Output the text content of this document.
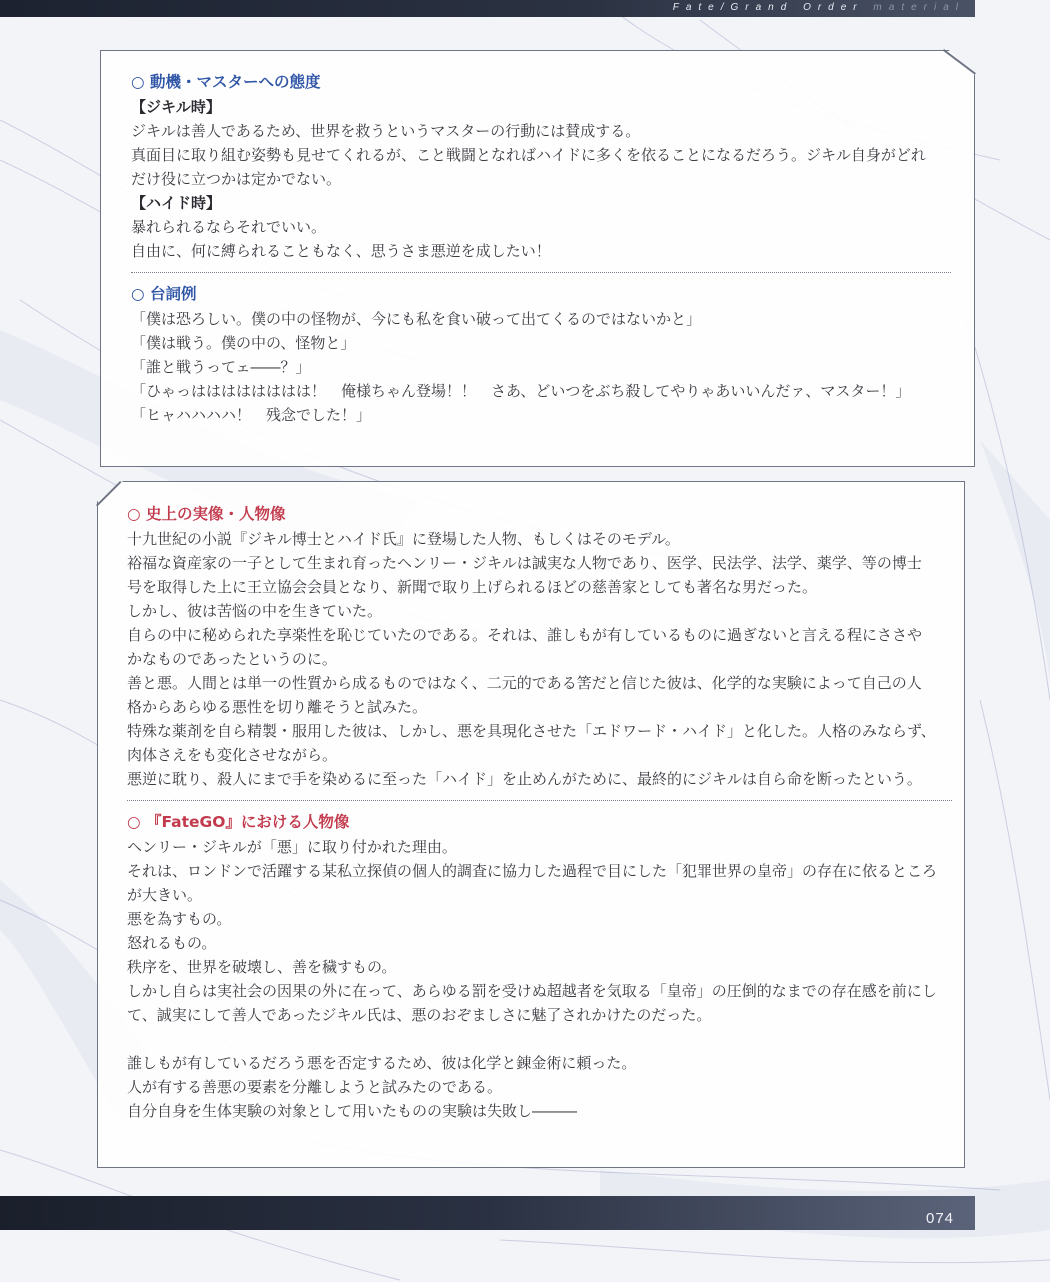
Fate/Grand Order material
○ 動機・マスターへの態度
【ジキル時】
ジキルは善人であるため、世界を救うというマスターの行動には賛成する。
真面目に取り組む姿勢も見せてくれるが、こと戦闘となればハイドに多くを依ることになるだろう。ジキル自身がどれ
だけ役に立つかは定かでない。
【ハイド時】
暴れられるならそれでいい。
自由に、何に縛られることもなく、思うさま悪逆を成したい！
○ 台詞例
「僕は恐ろしい。僕の中の怪物が、今にも私を食い破って出てくるのではないかと」
「僕は戦う。僕の中の、怪物と」
「誰と戦うってェ――？」
「ひゃっはははははははは！　俺様ちゃん登場！！　さあ、どいつをぶち殺してやりゃあいいんだァ、マスター！」
「ヒャハハハハ！　残念でした！」
○ 史上の実像・人物像
十九世紀の小説『ジキル博士とハイド氏』に登場した人物、もしくはそのモデル。
裕福な資産家の一子として生まれ育ったヘンリー・ジキルは誠実な人物であり、医学、民法学、法学、薬学、等の博士
号を取得した上に王立協会会員となり、新聞で取り上げられるほどの慈善家としても著名な男だった。
しかし、彼は苦悩の中を生きていた。
自らの中に秘められた享楽性を恥じていたのである。それは、誰しもが有しているものに過ぎないと言える程にささや
かなものであったというのに。
善と悪。人間とは単一の性質から成るものではなく、二元的である筈だと信じた彼は、化学的な実験によって自己の人
格からあらゆる悪性を切り離そうと試みた。
特殊な薬剤を自ら精製・服用した彼は、しかし、悪を具現化させた「エドワード・ハイド」と化した。人格のみならず、
肉体さえをも変化させながら。
悪逆に耽り、殺人にまで手を染めるに至った「ハイド」を止めんがために、最終的にジキルは自ら命を断ったという。
○ 『FateGO』における人物像
ヘンリー・ジキルが「悪」に取り付かれた理由。
それは、ロンドンで活躍する某私立探偵の個人的調査に協力した過程で目にした「犯罪世界の皇帝」の存在に依るところ
が大きい。
悪を為すもの。
怒れるもの。
秩序を、世界を破壊し、善を穢すもの。
しかし自らは実社会の因果の外に在って、あらゆる罰を受けぬ超越者を気取る「皇帝」の圧倒的なまでの存在感を前にし
て、誠実にして善人であったジキル氏は、悪のおぞましさに魅了されかけたのだった。
誰しもが有しているだろう悪を否定するため、彼は化学と錬金術に頼った。
人が有する善悪の要素を分離しようと試みたのである。
自分自身を生体実験の対象として用いたものの実験は失敗し―――
074
